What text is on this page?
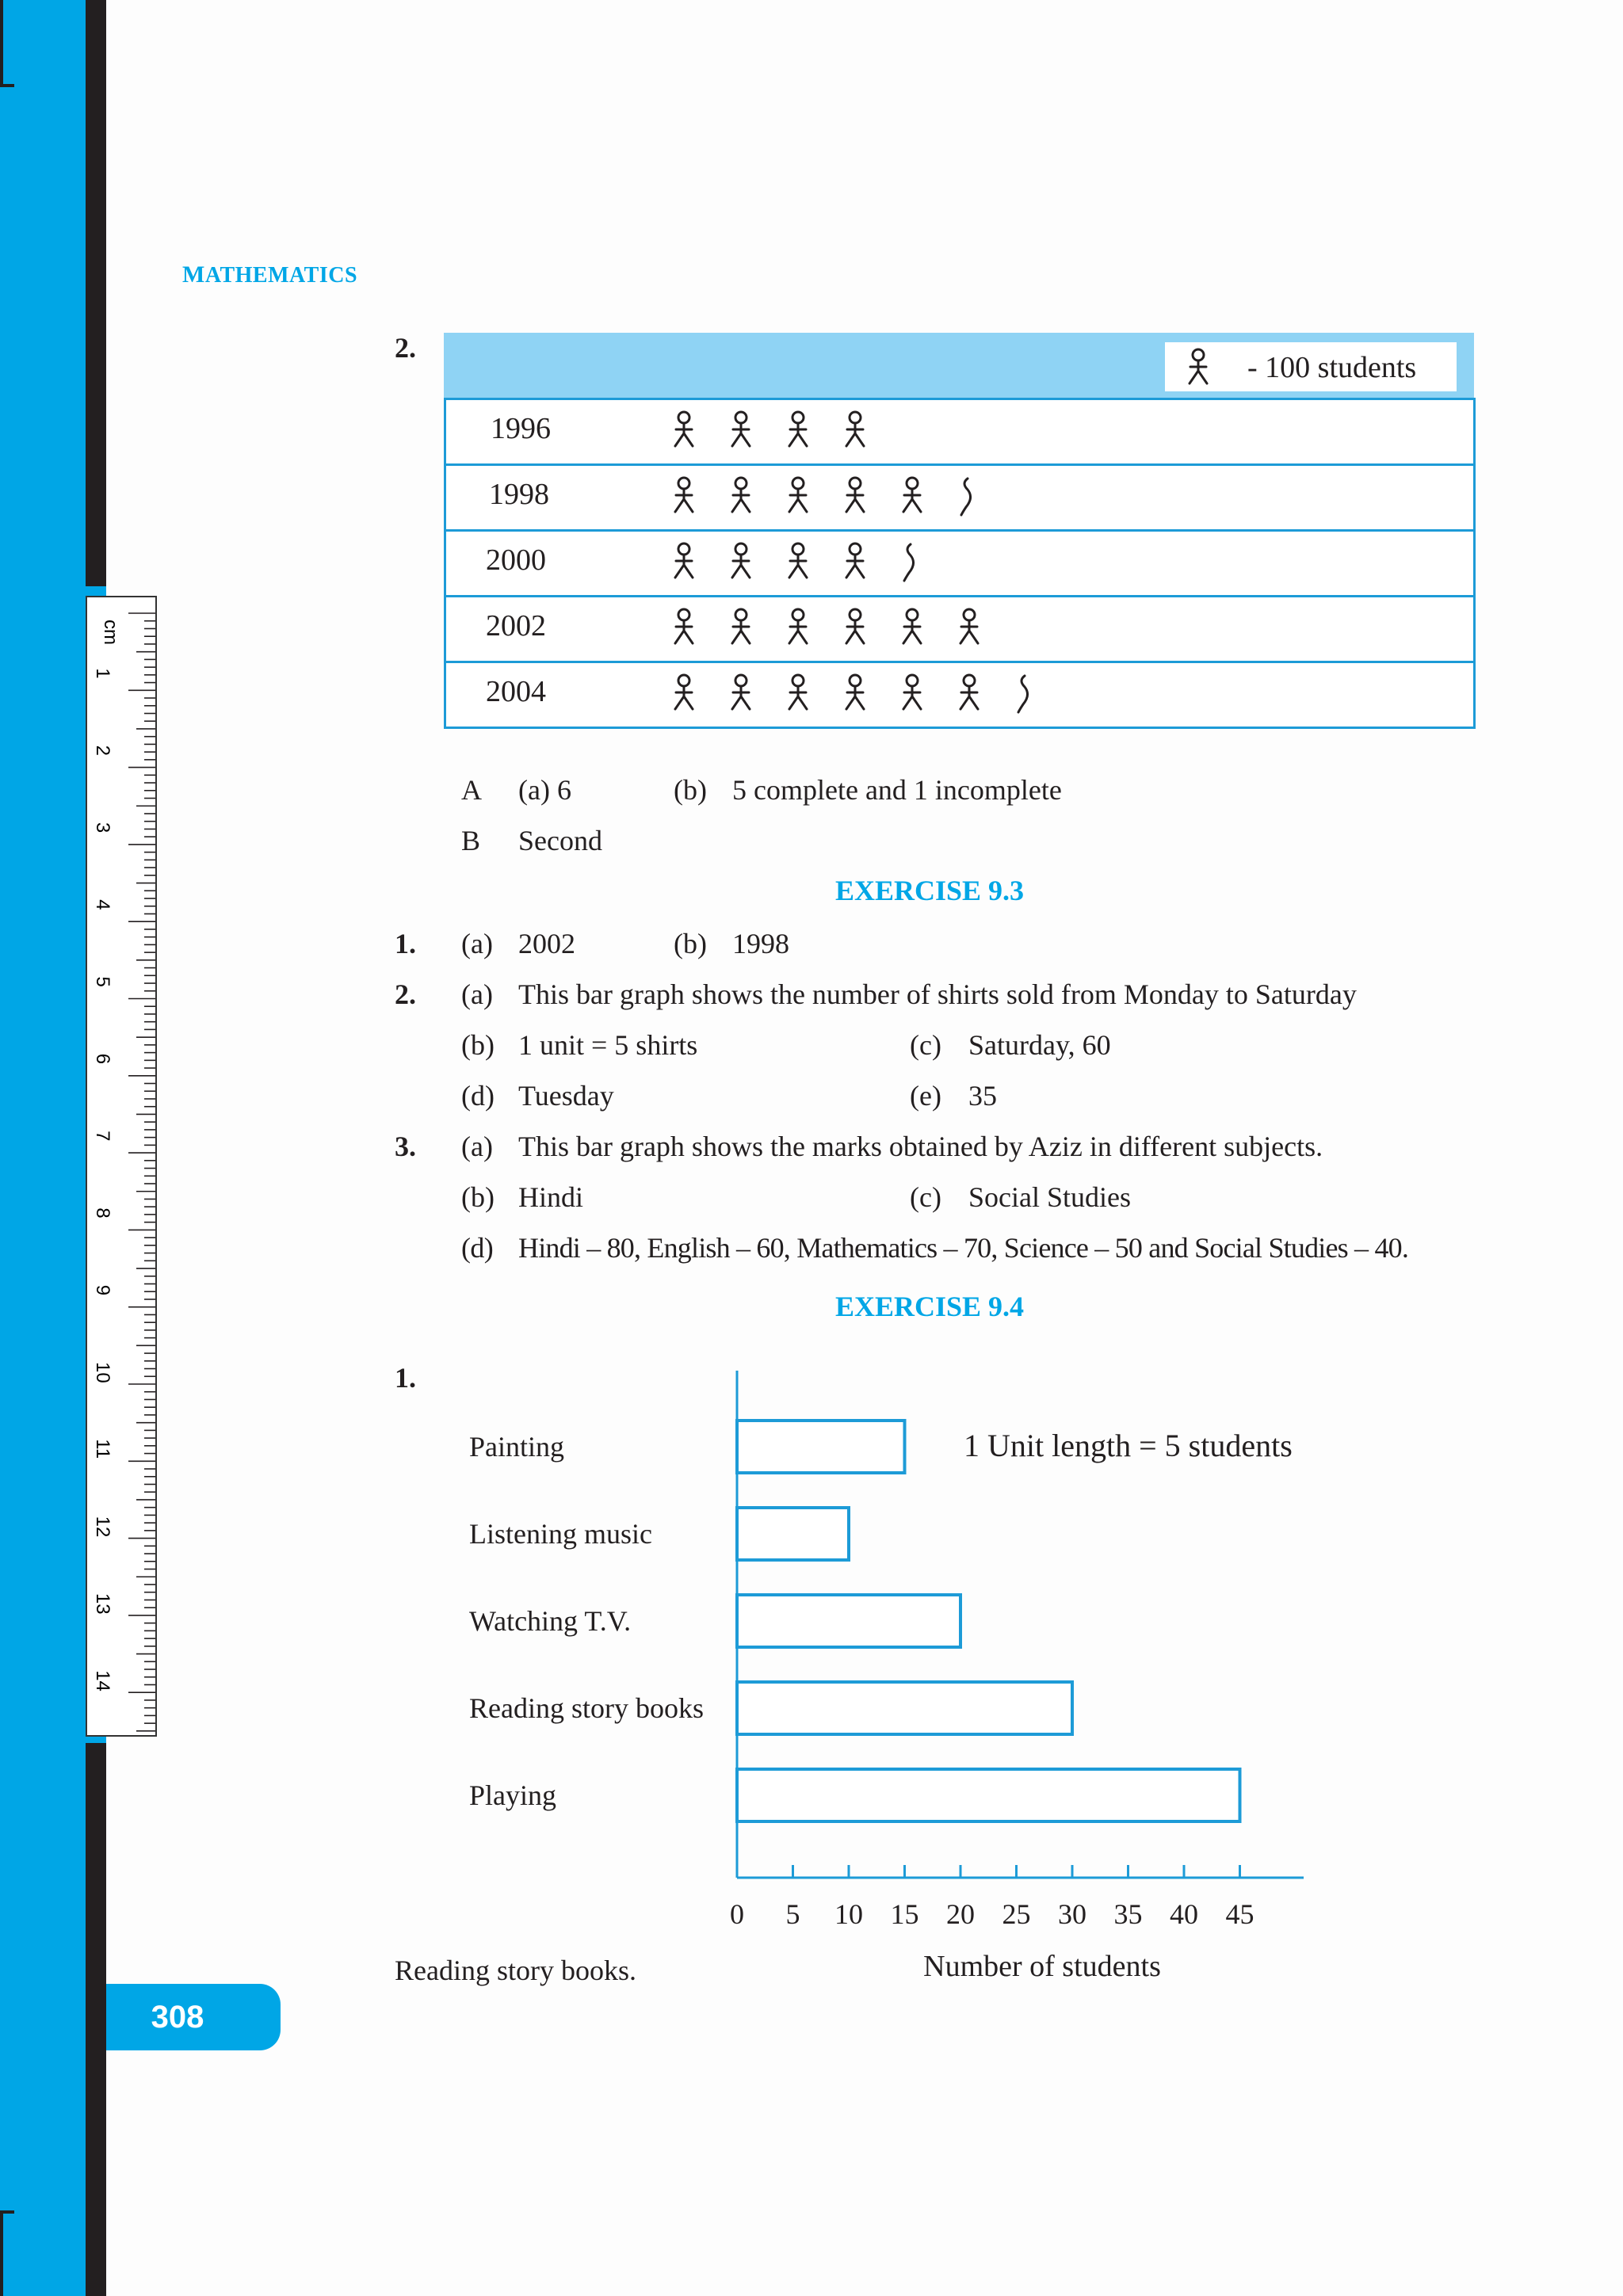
cm
1
2
3
4
5
6
7
8
9
10
11
12
13
14
MATHEMATICS
2.
- 100 students
1996
1998
2000
2002
2004
A (a) 6	(b) 5 complete and 1 incomplete
B Second
EXERCISE 9.3
1. (a) 2002	(b) 1998
2. (a) This bar graph shows the number of shirts sold from Monday to Saturday
(b) 1 unit = 5 shirts	(c) Saturday, 60
(d) Tuesday	(e) 35
3. (a) This bar graph shows the marks obtained by Aziz in different subjects.
(b) Hindi	(c) Social Studies
(d) Hindi – 80, English – 60, Mathematics – 70, Science – 50 and Social Studies – 40.
EXERCISE 9.4
1.
Painting
Listening music
Watching T.V.
Reading story books
Playing
0 5 10 15 20 25 30 35 40 45
1 Unit length = 5 students
Number of students
Reading story books.
308
